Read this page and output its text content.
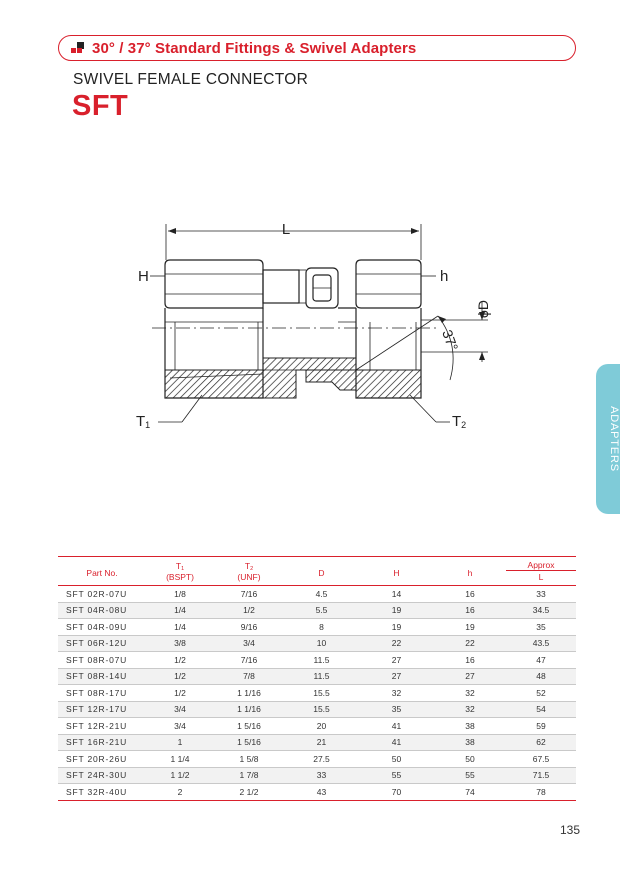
30° / 37° Standard Fittings & Swivel Adapters
SWIVEL FEMALE CONNECTOR
SFT
ADAPTERS
L
H	h
ϕD
37°
T1	T2
Part No.	T1	T2	D	H	h	Approx
	(BSPT)	(UNF)				L
SFT 02R-07U	1/8	7/16	4.5	14	16	33
SFT 04R-08U	1/4	1/2	5.5	19	16	34.5
SFT 04R-09U	1/4	9/16	8	19	19	35
SFT 06R-12U	3/8	3/4	10	22	22	43.5
SFT 08R-07U	1/2	7/16	11.5	27	16	47
SFT 08R-14U	1/2	7/8	11.5	27	27	48
SFT 08R-17U	1/2	1 1/16	15.5	32	32	52
SFT 12R-17U	3/4	1 1/16	15.5	35	32	54
SFT 12R-21U	3/4	1 5/16	20	41	38	59
SFT 16R-21U	1	1 5/16	21	41	38	62
SFT 20R-26U	1 1/4	1 5/8	27.5	50	50	67.5
SFT 24R-30U	1 1/2	1 7/8	33	55	55	71.5
SFT 32R-40U	2	2 1/2	43	70	74	78
135
